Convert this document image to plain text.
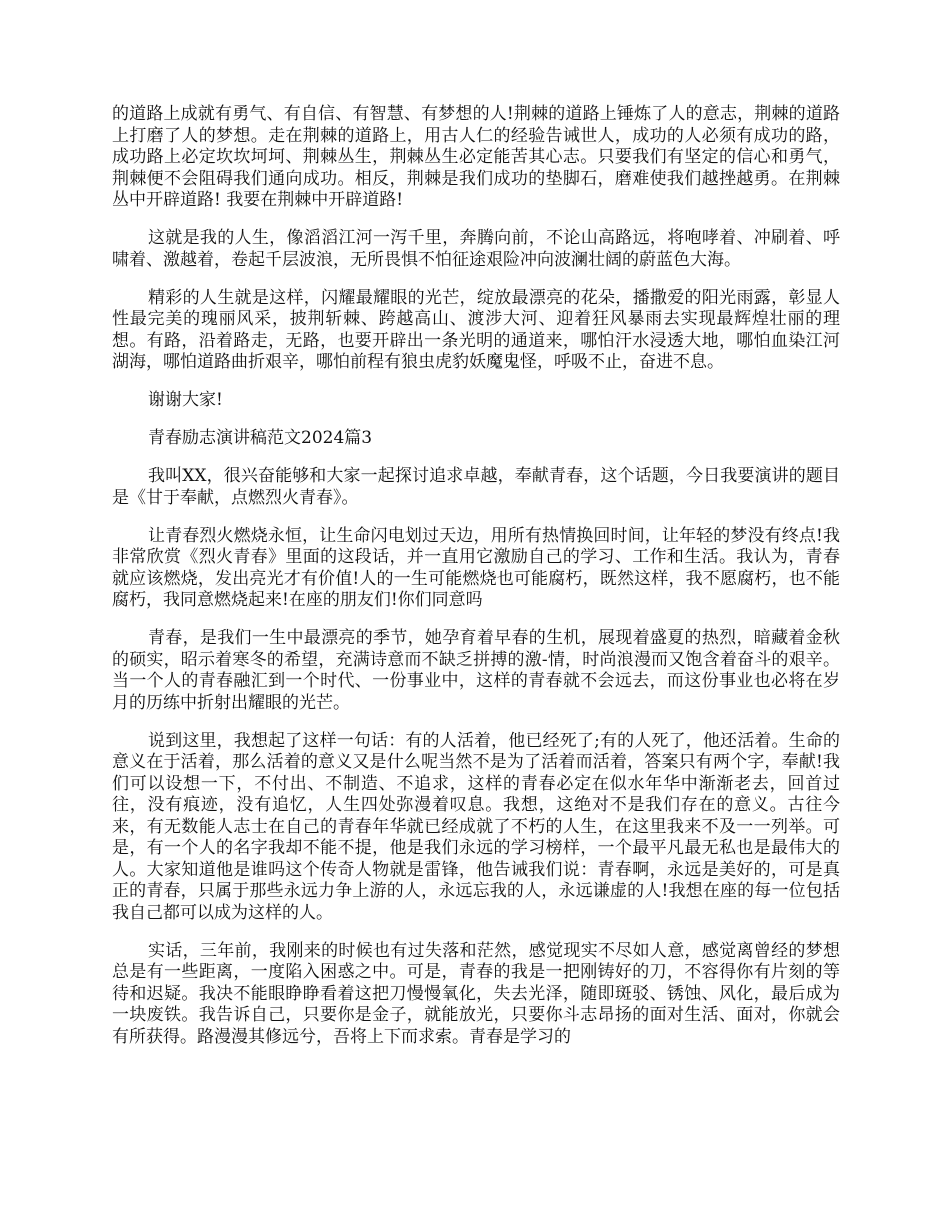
的道路上成就有勇气、有自信、有智慧、有梦想的人!荆棘的道路上锤炼了人的意志，荆棘的道路上打磨了人的梦想。走在荆棘的道路上，用古人仁的经验告诫世人，成功的人必须有成功的路，成功路上必定坎坎坷坷、荆棘丛生，荆棘丛生必定能苦其心志。只要我们有坚定的信心和勇气，荆棘便不会阻碍我们通向成功。相反，荆棘是我们成功的垫脚石，磨难使我们越挫越勇。在荆棘丛中开辟道路! 我要在荆棘中开辟道路!

这就是我的人生，像滔滔江河一泻千里，奔腾向前，不论山高路远，将咆哮着、冲刷着、呼啸着、激越着，卷起千层波浪，无所畏惧不怕征途艰险冲向波澜壮阔的蔚蓝色大海。

精彩的人生就是这样，闪耀最耀眼的光芒，绽放最漂亮的花朵，播撒爱的阳光雨露，彰显人性最完美的瑰丽风采，披荆斩棘、跨越高山、渡涉大河、迎着狂风暴雨去实现最辉煌壮丽的理想。有路，沿着路走，无路，也要开辟出一条光明的通道来，哪怕汗水浸透大地，哪怕血染江河湖海，哪怕道路曲折艰辛，哪怕前程有狼虫虎豹妖魔鬼怪，呼吸不止，奋进不息。

谢谢大家!

青春励志演讲稿范文2024篇3

我叫XX，很兴奋能够和大家一起探讨追求卓越，奉献青春，这个话题，今日我要演讲的题目是《甘于奉献，点燃烈火青春》。

让青春烈火燃烧永恒，让生命闪电划过天边，用所有热情换回时间，让年轻的梦没有终点!我非常欣赏《烈火青春》里面的这段话，并一直用它激励自己的学习、工作和生活。我认为，青春就应该燃烧，发出亮光才有价值!人的一生可能燃烧也可能腐朽，既然这样，我不愿腐朽，也不能腐朽，我同意燃烧起来!在座的朋友们!你们同意吗

青春，是我们一生中最漂亮的季节，她孕育着早春的生机，展现着盛夏的热烈，暗藏着金秋的硕实，昭示着寒冬的希望，充满诗意而不缺乏拼搏的激-情，时尚浪漫而又饱含着奋斗的艰辛。当一个人的青春融汇到一个时代、一份事业中，这样的青春就不会远去，而这份事业也必将在岁月的历练中折射出耀眼的光芒。

说到这里，我想起了这样一句话：有的人活着，他已经死了;有的人死了，他还活着。生命的意义在于活着，那么活着的意义又是什么呢当然不是为了活着而活着，答案只有两个字，奉献!我们可以设想一下，不付出、不制造、不追求，这样的青春必定在似水年华中渐渐老去，回首过往，没有痕迹，没有追忆，人生四处弥漫着叹息。我想，这绝对不是我们存在的意义。古往今来，有无数能人志士在自己的青春年华就已经成就了不朽的人生，在这里我来不及一一列举。可是，有一个人的名字我却不能不提，他是我们永远的学习榜样，一个最平凡最无私也是最伟大的人。大家知道他是谁吗这个传奇人物就是雷锋，他告诫我们说：青春啊，永远是美好的，可是真正的青春，只属于那些永远力争上游的人，永远忘我的人，永远谦虚的人!我想在座的每一位包括我自己都可以成为这样的人。

实话，三年前，我刚来的时候也有过失落和茫然，感觉现实不尽如人意，感觉离曾经的梦想总是有一些距离，一度陷入困惑之中。可是，青春的我是一把刚铸好的刀，不容得你有片刻的等待和迟疑。我决不能眼睁睁看着这把刀慢慢氧化，失去光泽，随即斑驳、锈蚀、风化，最后成为一块废铁。我告诉自己，只要你是金子，就能放光，只要你斗志昂扬的面对生活、面对，你就会有所获得。路漫漫其修远兮，吾将上下而求索。青春是学习的
